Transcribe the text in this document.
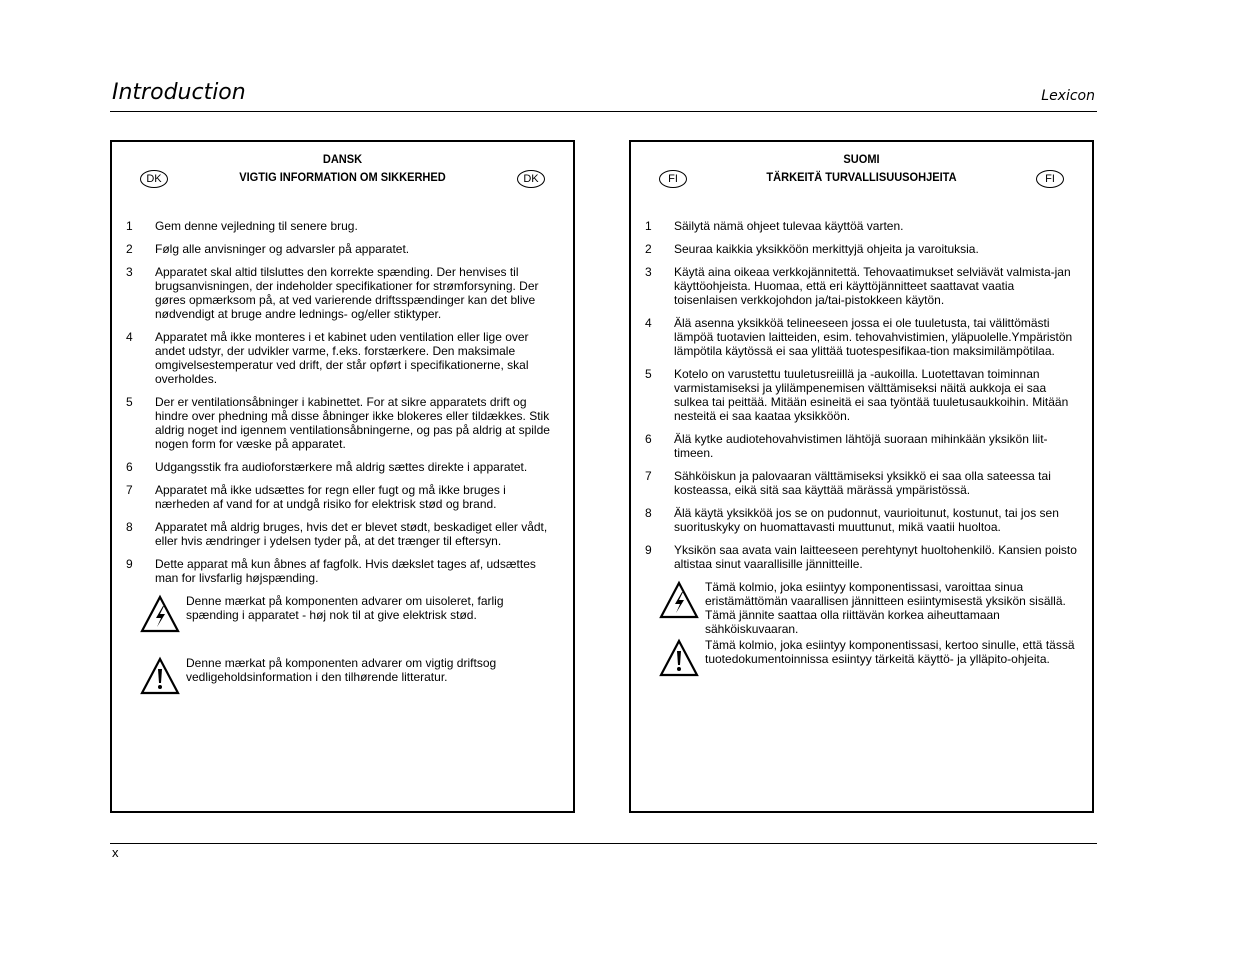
Introduction	Lexicon
DANSK
VIGTIG INFORMATION OM SIKKERHED
DK	DK
1	Gem denne vejledning til senere brug.
2	Følg alle anvisninger og advarsler på apparatet.
3	Apparatet skal altid tilsluttes den korrekte spænding. Der henvises til brugsanvisningen, der indeholder specifikationer for strømforsyning. Der gøres opmærksom på, at ved varierende driftsspændinger kan det blive nødvendigt at bruge andre lednings- og/eller stiktyper.
4	Apparatet må ikke monteres i et kabinet uden ventilation eller lige over andet udstyr, der udvikler varme, f.eks. forstærkere. Den maksimale omgivelsestemperatur ved drift, der står opført i specifikationerne, skal overholdes.
5	Der er ventilationsåbninger i kabinettet. For at sikre apparatets drift og hindre over phedning må disse åbninger ikke blokeres eller tildækkes. Stik aldrig noget ind igennem ventilationsåbningerne, og pas på aldrig at spilde nogen form for væske på apparatet.
6	Udgangsstik fra audioforstærkere må aldrig sættes direkte i apparatet.
7	Apparatet må ikke udsættes for regn eller fugt og må ikke bruges i nærheden af vand for at undgå risiko for elektrisk stød og brand.
8	Apparatet må aldrig bruges, hvis det er blevet stødt, beskadiget eller vådt, eller hvis ændringer i ydelsen tyder på, at det trænger til eftersyn.
9	Dette apparat må kun åbnes af fagfolk. Hvis dækslet tages af, udsættes man for livsfarlig højspænding.
Denne mærkat på komponenten advarer om uisoleret, farlig spænding i apparatet - høj nok til at give elektrisk stød.
Denne mærkat på komponenten advarer om vigtig driftsog vedligeholdsinformation i den tilhørende litteratur.
SUOMI
TÄRKEITÄ TURVALLISUUSOHJEITA
FI	FI
1	Säilytä nämä ohjeet tulevaa käyttöä varten.
2	Seuraa kaikkia yksikköön merkittyjä ohjeita ja varoituksia.
3	Käytä aina oikeaa verkkojännitettä. Tehovaatimukset selviävät valmista-jan käyttöohjeista. Huomaa, että eri käyttöjännitteet saattavat vaatia toisenlaisen verkkojohdon ja/tai-pistokkeen käytön.
4	Älä asenna yksikköä telineeseen jossa ei ole tuuletusta, tai välittömästi lämpöä tuotavien laitteiden, esim. tehovahvistimien, yläpuolelle.Ympäristön lämpötila käytössä ei saa ylittää tuotespesifikaa-tion maksimilämpötilaa.
5	Kotelo on varustettu tuuletusreiillä ja -aukoilla. Luotettavan toiminnan varmistamiseksi ja ylilämpenemisen välttämiseksi näitä aukkoja ei saa sulkea tai peittää. Mitään esineitä ei saa työntää tuuletusaukkoihin. Mitään nesteitä ei saa kaataa yksikköön.
6	Älä kytke audiotehovahvistimen lähtöjä suoraan mihinkään yksikön liit-timeen.
7	Sähköiskun ja palovaaran välttämiseksi yksikkö ei saa olla sateessa tai kosteassa, eikä sitä saa käyttää märässä ympäristössä.
8	Älä käytä yksikköä jos se on pudonnut, vaurioitunut, kostunut, tai jos sen suorituskyky on huomattavasti muuttunut, mikä vaatii huoltoa.
9	Yksikön saa avata vain laitteeseen perehtynyt huoltohenkilö. Kansien poisto altistaa sinut vaarallisille jännitteille.
Tämä kolmio, joka esiintyy komponentissasi, varoittaa sinua eristämättömän vaarallisen jännitteen esiintymisestä yksikön sisällä. Tämä jännite saattaa olla riittävän korkea aiheuttamaan sähköiskuvaaran.
Tämä kolmio, joka esiintyy komponentissasi, kertoo sinulle, että tässä tuotedokumentoinnissa esiintyy tärkeitä käyttö- ja ylläpito-ohjeita.
x
